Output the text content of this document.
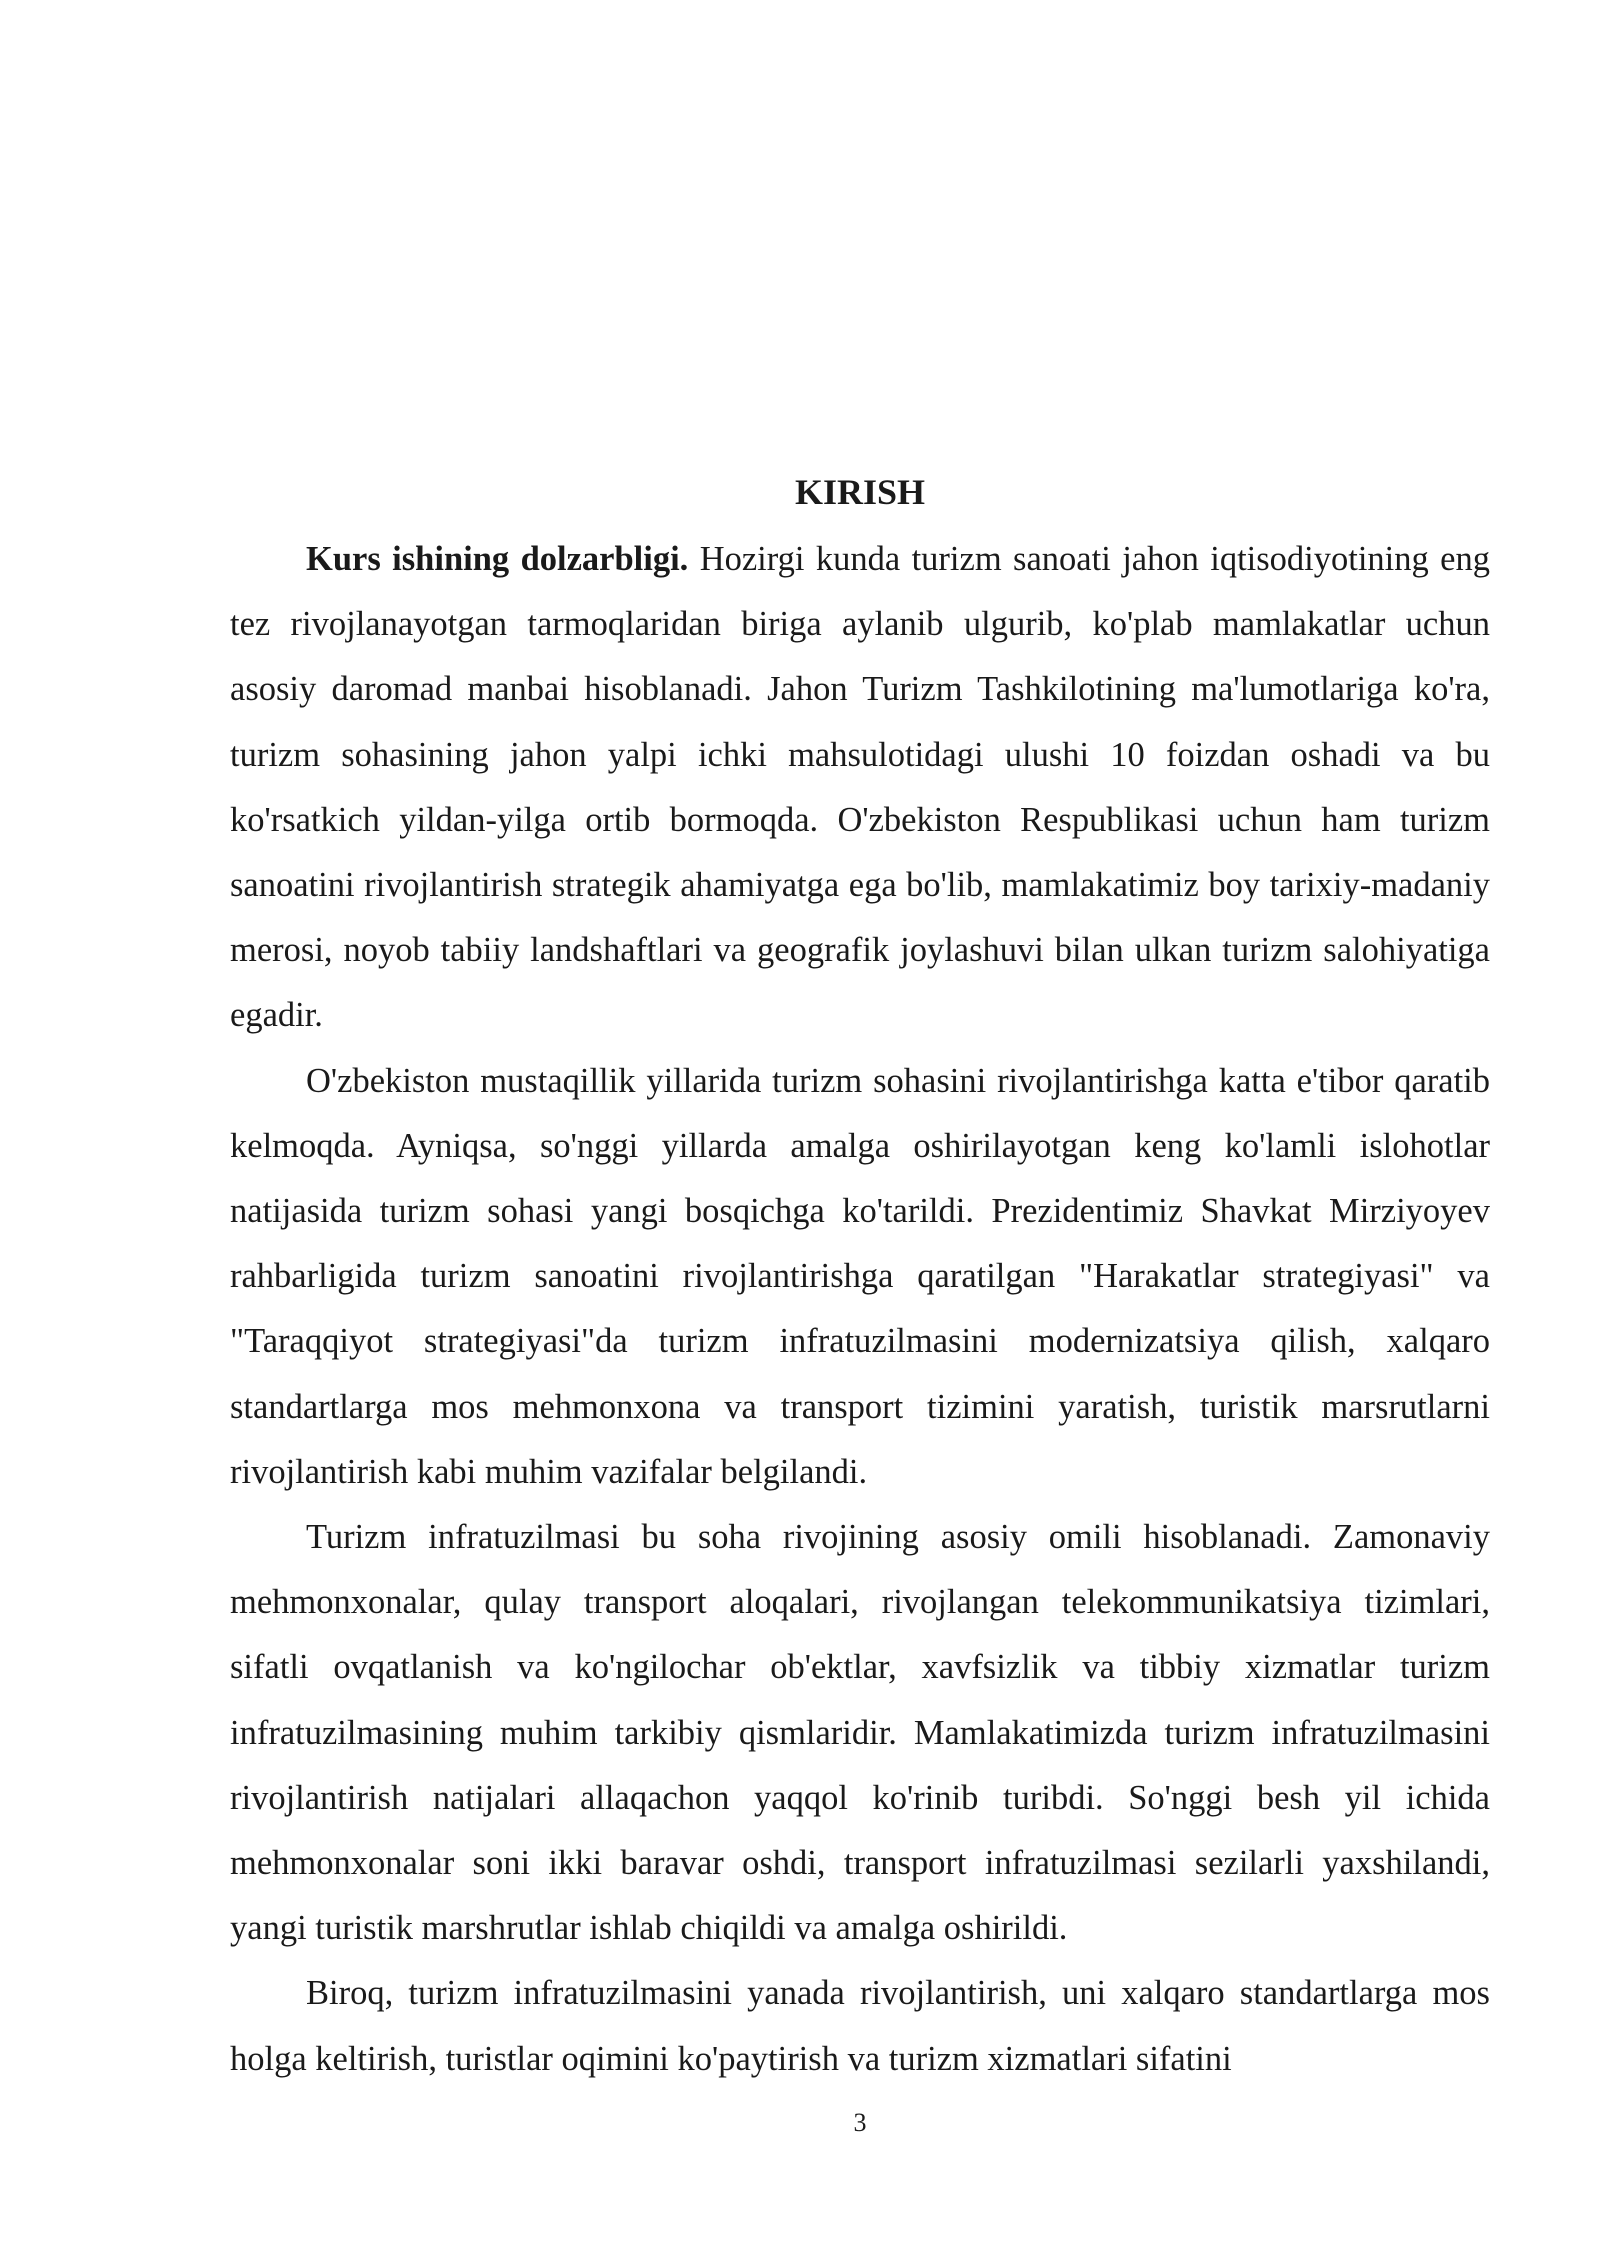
KIRISH

Kurs ishining dolzarbligi. Hozirgi kunda turizm sanoati jahon iqtisodiyotining eng tez rivojlanayotgan tarmoqlaridan biriga aylanib ulgurib, ko'plab mamlakatlar uchun asosiy daromad manbai hisoblanadi. Jahon Turizm Tashkilotining ma'lumotlariga ko'ra, turizm sohasining jahon yalpi ichki mahsulotidagi ulushi 10 foizdan oshadi va bu ko'rsatkich yildan-yilga ortib bormoqda. O'zbekiston Respublikasi uchun ham turizm sanoatini rivojlantirish strategik ahamiyatga ega bo'lib, mamlakatimiz boy tarixiy-madaniy merosi, noyob tabiiy landshaftlari va geografik joylashuvi bilan ulkan turizm salohiyatiga egadir.

O'zbekiston mustaqillik yillarida turizm sohasini rivojlantirishga katta e'tibor qaratib kelmoqda. Ayniqsa, so'nggi yillarda amalga oshirilayotgan keng ko'lamli islohotlar natijasida turizm sohasi yangi bosqichga ko'tarildi. Prezidentimiz Shavkat Mirziyoyev rahbarligida turizm sanoatini rivojlantirishga qaratilgan "Harakatlar strategiyasi" va "Taraqqiyot strategiyasi"da turizm infratuzilmasini modernizatsiya qilish, xalqaro standartlarga mos mehmonxona va transport tizimini yaratish, turistik marsrutlarni rivojlantirish kabi muhim vazifalar belgilandi.

Turizm infratuzilmasi bu soha rivojining asosiy omili hisoblanadi. Zamonaviy mehmonxonalar, qulay transport aloqalari, rivojlangan telekommunikatsiya tizimlari, sifatli ovqatlanish va ko'ngilochar ob'ektlar, xavfsizlik va tibbiy xizmatlar turizm infratuzilmasining muhim tarkibiy qismlaridir. Mamlakatimizda turizm infratuzilmasini rivojlantirish natijalari allaqachon yaqqol ko'rinib turibdi. So'nggi besh yil ichida mehmonxonalar soni ikki baravar oshdi, transport infratuzilmasi sezilarli yaxshilandi, yangi turistik marshrutlar ishlab chiqildi va amalga oshirildi.

Biroq, turizm infratuzilmasini yanada rivojlantirish, uni xalqaro standartlarga mos holga keltirish, turistlar oqimini ko'paytirish va turizm xizmatlari sifatini

3
